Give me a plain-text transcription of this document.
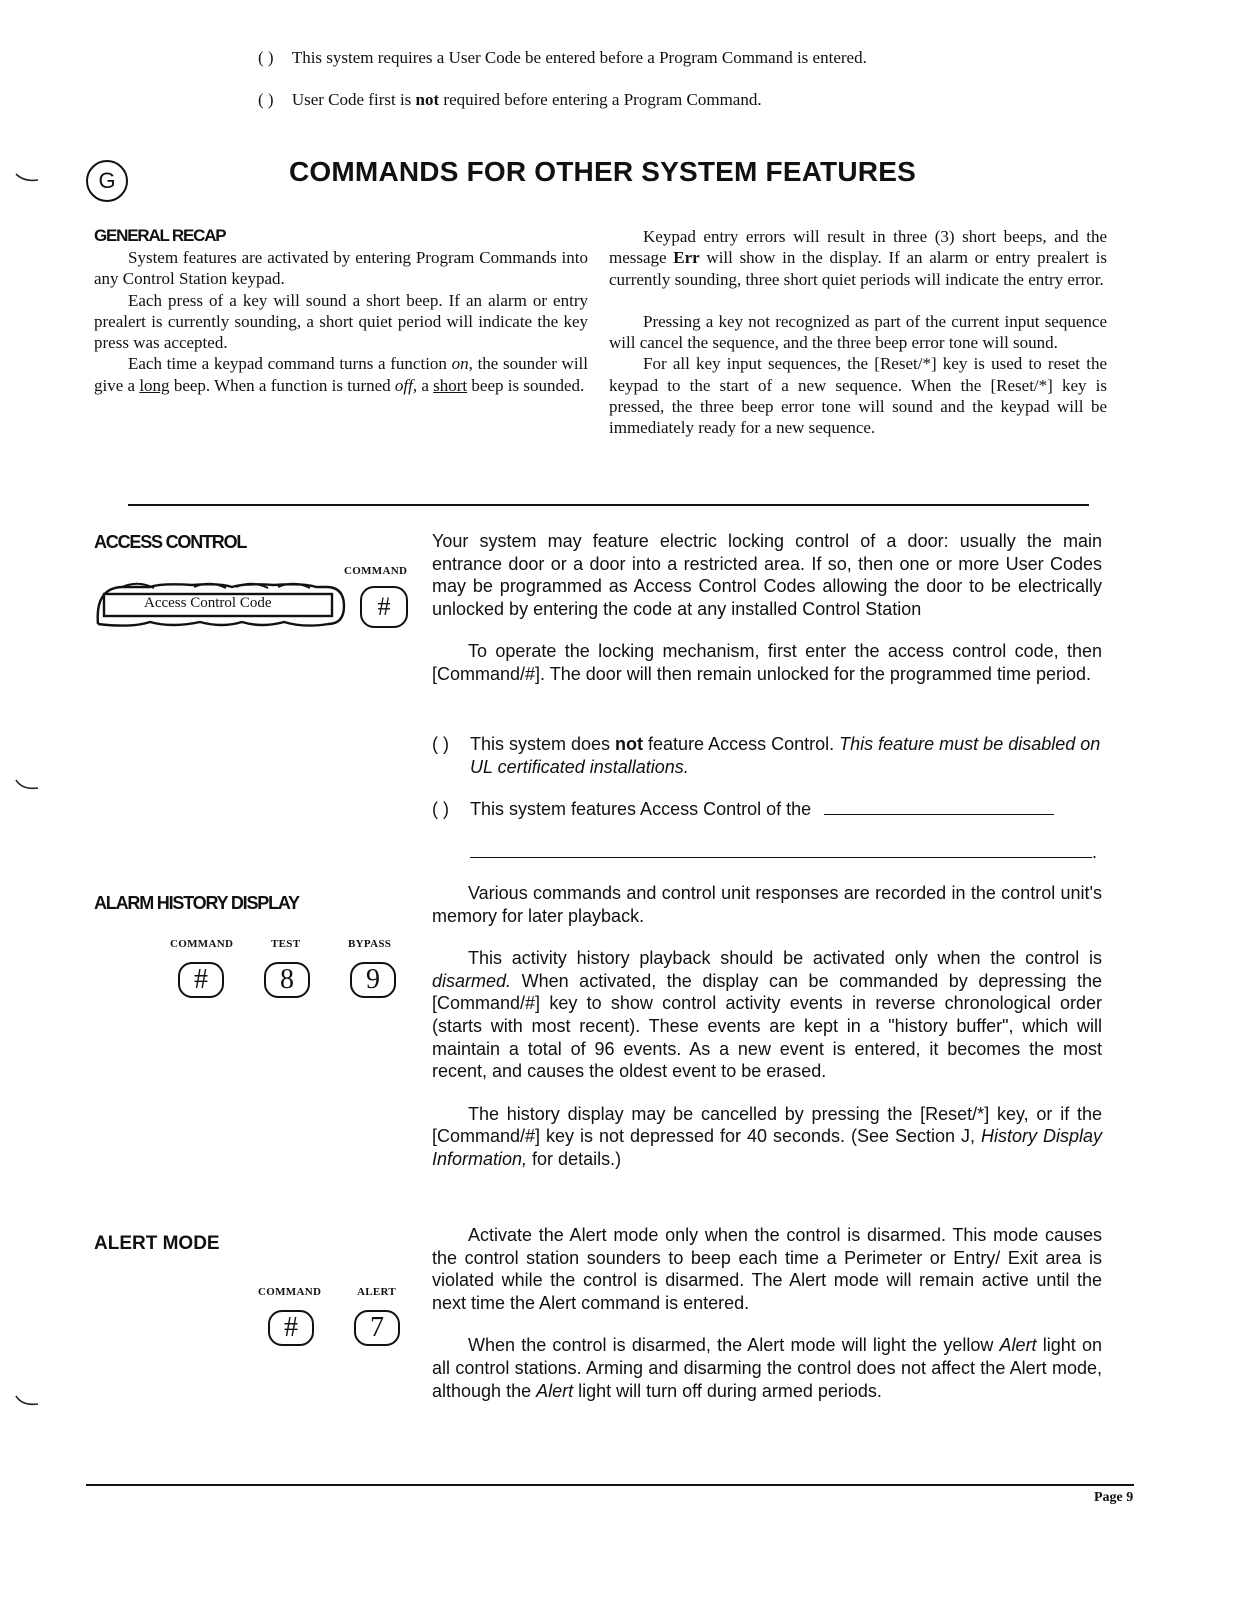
( ) This system requires a User Code be entered before a Program Command is entered.
( ) User Code first is not required before entering a Program Command.
G	COMMANDS FOR OTHER SYSTEM FEATURES
GENERAL RECAP

System features are activated by entering Program Commands into any Control Station keypad.

Each press of a key will sound a short beep. If an alarm or entry prealert is currently sounding, a short quiet period will indicate the key press was accepted.

Each time a keypad command turns a function on, the sounder will give a long beep. When a function is turned off, a short beep is sounded.

Keypad entry errors will result in three (3) short beeps, and the message Err will show in the display. If an alarm or entry prealert is currently sounding, three short quiet periods will indicate the entry error.

Pressing a key not recognized as part of the current input sequence will cancel the sequence, and the three beep error tone will sound.

For all key input sequences, the [Reset/*] key is used to reset the keypad to the start of a new sequence. When the [Reset/*] key is pressed, the three beep error tone will sound and the keypad will be immediately ready for a new sequence.

ACCESS CONTROL
COMMAND
Access Control Code	#

Your system may feature electric locking control of a door: usually the main entrance door or a door into a restricted area. If so, then one or more User Codes may be programmed as Access Control Codes allowing the door to be electrically unlocked by entering the code at any installed Control Station

To operate the locking mechanism, first enter the access control code, then [Command/#]. The door will then remain unlocked for the programmed time period.

( )	This system does not feature Access Control. This feature must be disabled on UL certificated installations.
( ) This system features Access Control of the
.
ALARM HISTORY DISPLAY
COMMAND	TEST	BYPASS
#	8	9

Various commands and control unit responses are recorded in the control unit's memory for later playback.

This activity history playback should be activated only when the control is disarmed. When activated, the display can be commanded by depressing the [Command/#] key to show control activity events in reverse chronological order (starts with most recent). These events are kept in a "history buffer", which will maintain a total of 96 events. As a new event is entered, it becomes the most recent, and causes the oldest event to be erased.

The history display may be cancelled by pressing the [Reset/*] key, or if the [Command/#] key is not depressed for 40 seconds. (See Section J, History Display Information, for details.)

ALERT MODE
COMMAND	ALERT
#	7

Activate the Alert mode only when the control is disarmed. This mode causes the control station sounders to beep each time a Perimeter or Entry/ Exit area is violated while the control is disarmed. The Alert mode will remain active until the next time the Alert command is entered.

When the control is disarmed, the Alert mode will light the yellow Alert light on all control stations. Arming and disarming the control does not affect the Alert mode, although the Alert light will turn off during armed periods.

Page 9
